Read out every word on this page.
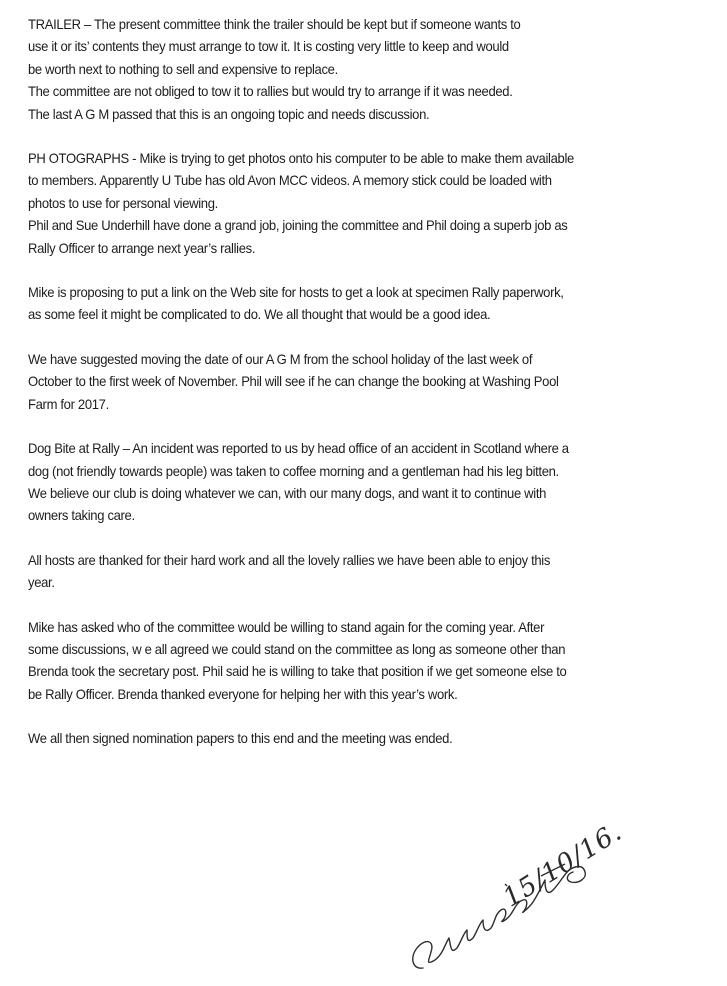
TRAILER – The present committee think the trailer should be kept but if someone wants to
use it or its’ contents they must arrange to tow it. It is costing very little to keep and would
be worth next to nothing to sell and expensive to replace.
The committee are not obliged to tow it to rallies but would try to arrange if it was needed.
The last A G M passed that this is an ongoing topic and needs discussion.
PH OTOGRAPHS - Mike is trying to get photos onto his computer to be able to make them available
to members. Apparently U Tube has old Avon MCC videos. A memory stick could be loaded with
photos to use for personal viewing.
Phil and Sue Underhill have done a grand job, joining the committee and Phil doing a superb job as
Rally Officer to arrange next year’s rallies.
Mike is proposing to put a link on the Web site for hosts to get a look at specimen Rally paperwork,
as some feel it might be complicated to do. We all thought that would be a good idea.
We have suggested moving the date of our A G M from the school holiday of the last week of
October to the first week of November. Phil will see if he can change the booking at Washing Pool
Farm for 2017.
Dog Bite at Rally – An incident was reported to us by head office of an accident in Scotland where a
dog (not friendly towards people) was taken to coffee morning and a gentleman had his leg bitten.
We believe our club is doing whatever we can, with our many dogs, and want it to continue with
owners taking care.
All hosts are thanked for their hard work and all the lovely rallies we have been able to enjoy this
year.
Mike has asked who of the committee would be willing to stand again for the coming year. After
some discussions, w e all agreed we could stand on the committee as long as someone other than
Brenda took the secretary post. Phil said he is willing to take that position if we get someone else to
be Rally Officer. Brenda thanked everyone for helping her with this year’s work.
We all then signed nomination papers to this end and the meeting was ended.
15/10/16.
